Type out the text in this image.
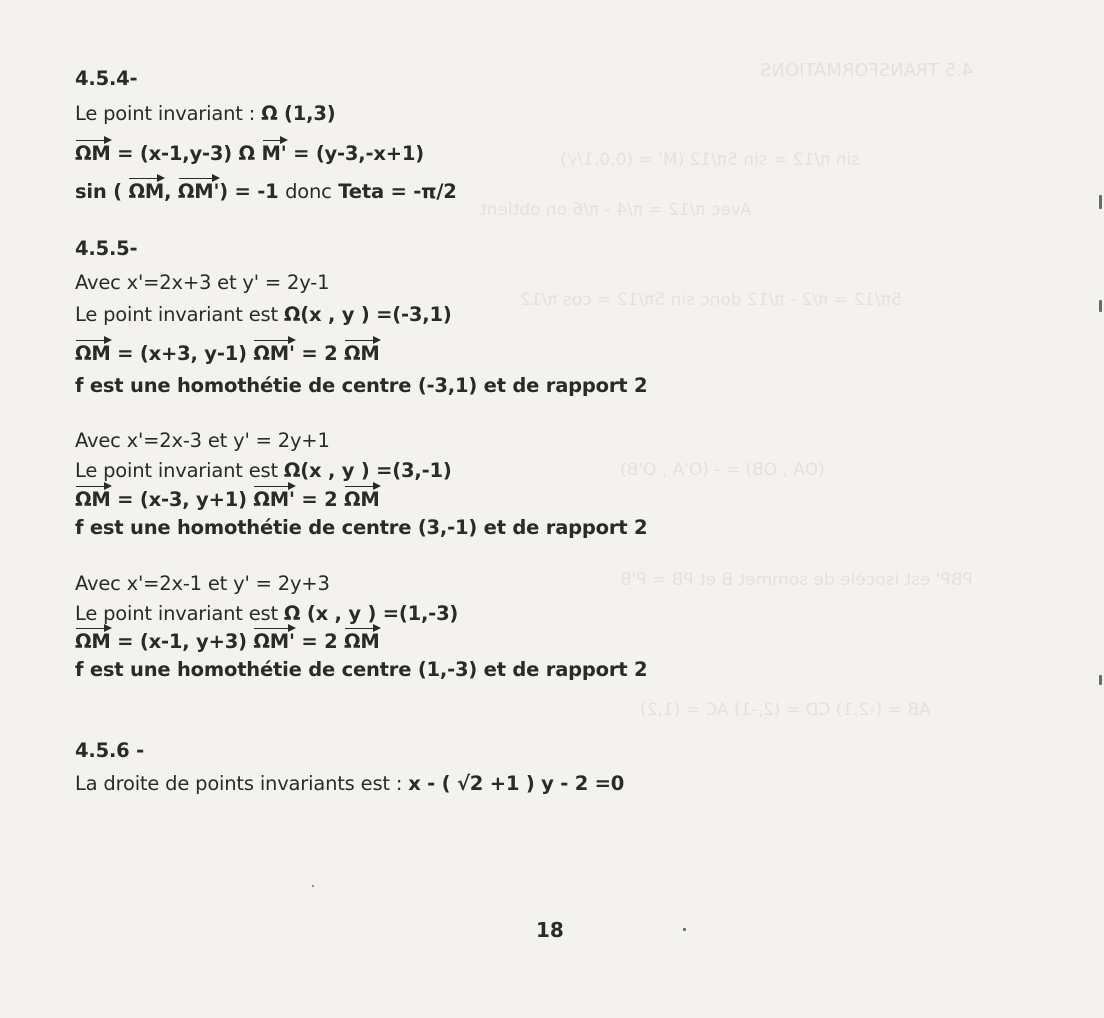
4.5 TRANSFORMATIONS
sin π/12 = sin 5π/12 (M' = (0,0,1/√)
Avec π/12 = π/4 - π/6 on obtient
5π/12 = π/2 - π/12 donc sin 5π/12 = cos π/12
(OA , OB) = - (O'A , O'B)
PBP' est isocèle de sommet B et PB = P'B
AB = (-2,1) CD = (2,-1) AC = (1,2)
4.5.4-
Le point invariant : Ω (1,3)
ΩM = (x-1,y-3) Ω M' = (y-3,-x+1)
sin ( ΩM, ΩM') = -1 donc Teta = -π/2
4.5.5-
Avec x'=2x+3 et y' = 2y-1
Le point invariant est Ω(x , y ) =(-3,1)
ΩM = (x+3, y-1) ΩM' = 2 ΩM
f est une homothétie de centre (-3,1) et de rapport 2
Avec x'=2x-3 et y' = 2y+1
Le point invariant est Ω(x , y ) =(3,-1)
ΩM = (x-3, y+1) ΩM' = 2 ΩM
f est une homothétie de centre (3,-1) et de rapport 2
Avec x'=2x-1 et y' = 2y+3
Le point invariant est Ω (x , y ) =(1,-3)
ΩM = (x-1, y+3) ΩM' = 2 ΩM
f est une homothétie de centre (1,-3) et de rapport 2
4.5.6 -
La droite de points invariants est : x - ( √2 +1 ) y - 2 =0
18
